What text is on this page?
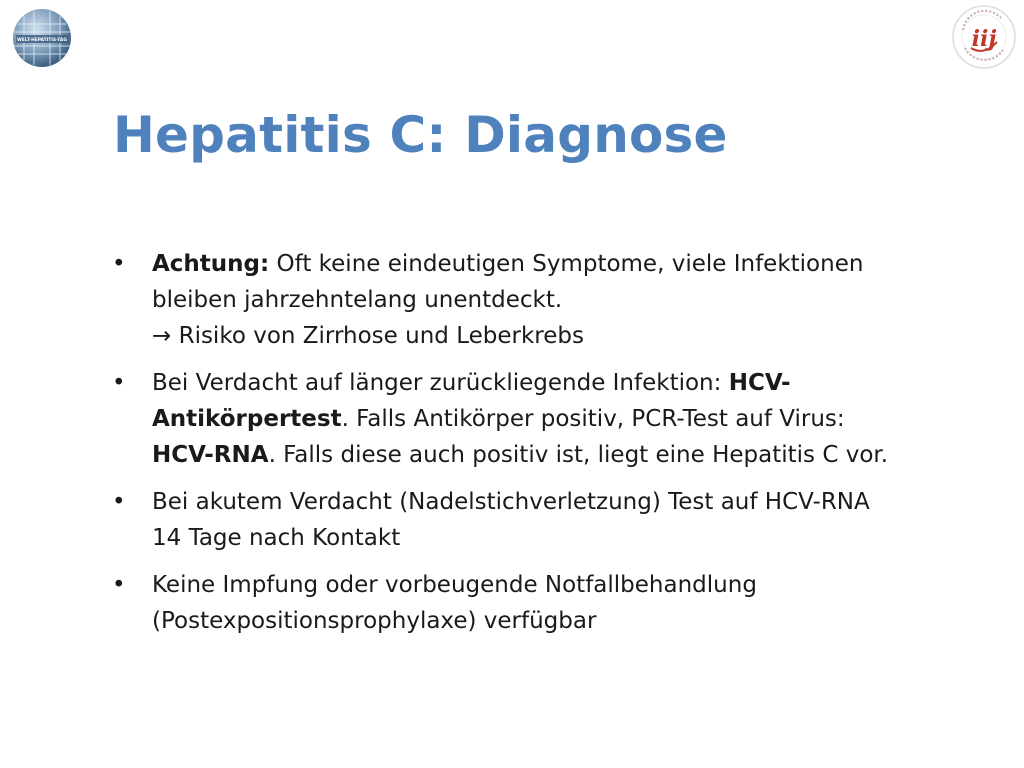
WELT-HEPATITIS-TAG	iij
Hepatitis C: Diagnose
• Achtung: Oft keine eindeutigen Symptome, viele Infektionen
bleiben jahrzehntelang unentdeckt.
→ Risiko von Zirrhose und Leberkrebs
• Bei Verdacht auf länger zurückliegende Infektion: HCV-
Antikörpertest. Falls Antikörper positiv, PCR-Test auf Virus:
HCV-RNA. Falls diese auch positiv ist, liegt eine Hepatitis C vor.
• Bei akutem Verdacht (Nadelstichverletzung) Test auf HCV-RNA
14 Tage nach Kontakt
• Keine Impfung oder vorbeugende Notfallbehandlung
(Postexpositionsprophylaxe) verfügbar
